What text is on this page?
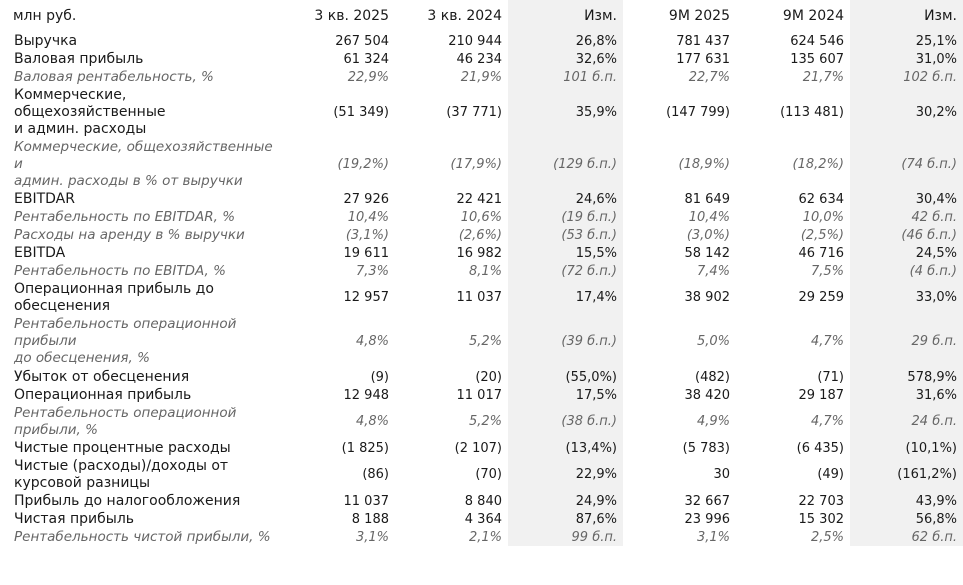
млн руб.	3 кв. 2025	3 кв. 2024	Изм.	9M 2025	9M 2024	Изм.
Выручка	267 504	210 944	26,8%	781 437	624 546	25,1%
Валовая прибыль	61 324	46 234	32,6%	177 631	135 607	31,0%
Валовая рентабельность, %	22,9%	21,9%	101 б.п.	22,7%	21,7%	102 б.п.
Коммерческие,
общехозяйственные
и админ. расходы	(51 349)	(37 771)	35,9%	(147 799)	(113 481)	30,2%
Коммерческие, общехозяйственные и
админ. расходы в % от выручки	(19,2%)	(17,9%)	(129 б.п.)	(18,9%)	(18,2%)	(74 б.п.)
EBITDAR	27 926	22 421	24,6%	81 649	62 634	30,4%
Рентабельность по EBITDAR, %	10,4%	10,6%	(19 б.п.)	10,4%	10,0%	42 б.п.
Расходы на аренду в % выручки	(3,1%)	(2,6%)	(53 б.п.)	(3,0%)	(2,5%)	(46 б.п.)
EBITDA	19 611	16 982	15,5%	58 142	46 716	24,5%
Рентабельность по EBITDA, %	7,3%	8,1%	(72 б.п.)	7,4%	7,5%	(4 б.п.)
Операционная прибыль до
обесценения	12 957	11 037	17,4%	38 902	29 259	33,0%
Рентабельность операционной
прибыли
до обесценения, %	4,8%	5,2%	(39 б.п.)	5,0%	4,7%	29 б.п.
Убыток от обесценения	(9)	(20)	(55,0%)	(482)	(71)	578,9%
Операционная прибыль	12 948	11 017	17,5%	38 420	29 187	31,6%
Рентабельность операционной
прибыли, %	4,8%	5,2%	(38 б.п.)	4,9%	4,7%	24 б.п.
Чистые процентные расходы	(1 825)	(2 107)	(13,4%)	(5 783)	(6 435)	(10,1%)
Чистые (расходы)/доходы от
курсовой разницы	(86)	(70)	22,9%	30	(49)	(161,2%)
Прибыль до налогообложения	11 037	8 840	24,9%	32 667	22 703	43,9%
Чистая прибыль	8 188	4 364	87,6%	23 996	15 302	56,8%
Рентабельность чистой прибыли, %	3,1%	2,1%	99 б.п.	3,1%	2,5%	62 б.п.
